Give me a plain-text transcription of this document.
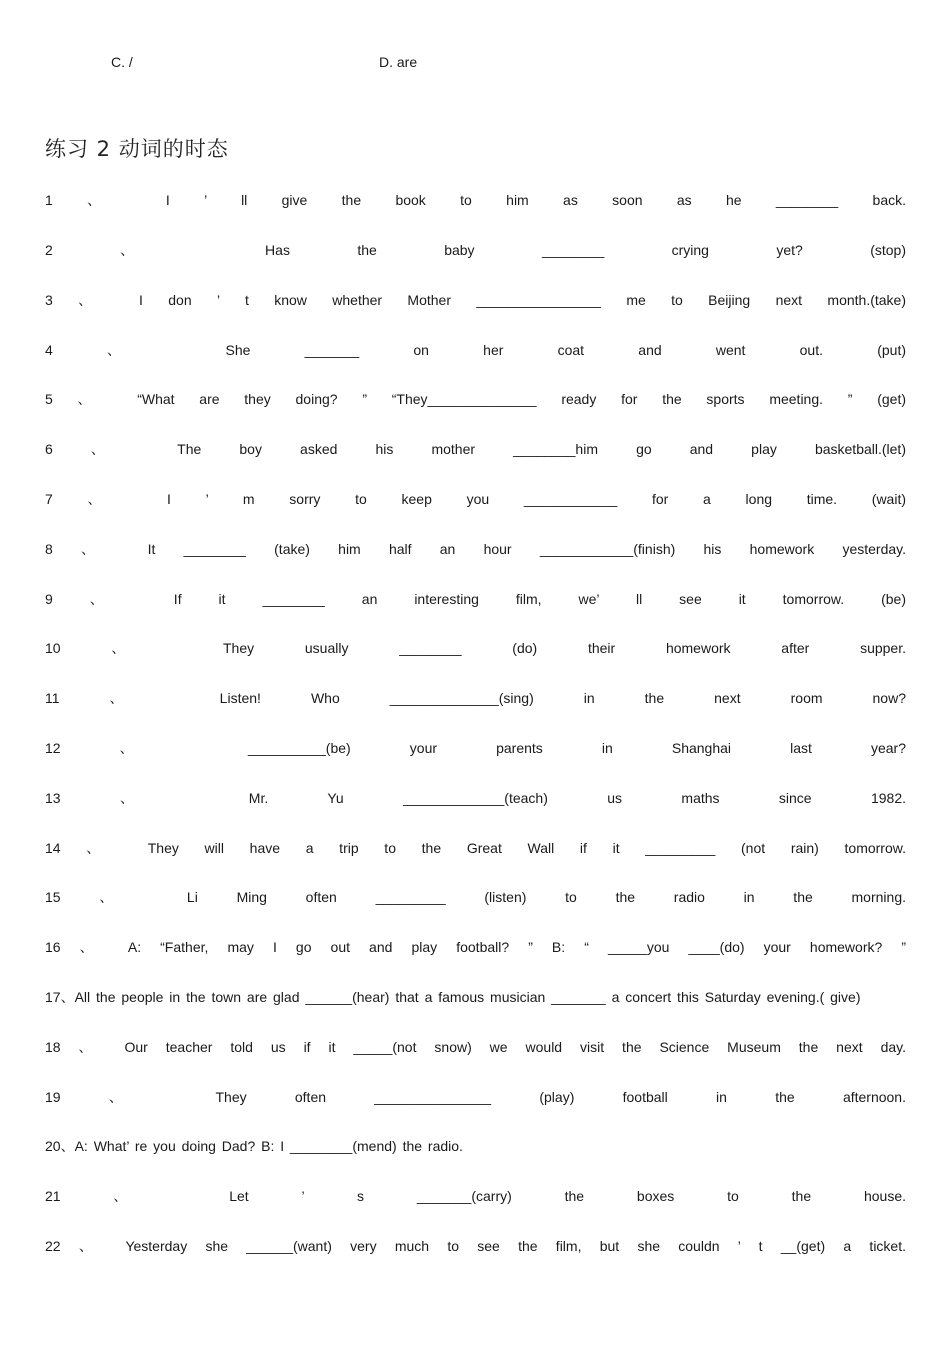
C. /	D. are
练习 2 动词的时态
1 、 I ’ ll give the book to him as soon as he ________ back.
2 、 Has the baby ________ crying yet? (stop)
3 、 I don ’ t know whether Mother ________________ me to Beijing next month.(take)
4 、 She _______ on her coat and went out. (put)
5 、 “What are they doing? ” “They______________ ready for the sports meeting. ” (get)
6 、 The boy asked his mother ________him go and play basketball.(let)
7 、 I ’ m sorry to keep you ____________ for a long time. (wait)
8 、 It ________ (take) him half an hour ____________(finish) his homework yesterday.
9 、 If it ________ an interesting film, we’ ll see it tomorrow. (be)
10 、 They usually ________ (do) their homework after supper.
11 、 Listen! Who ______________(sing) in the next room now?
12 、 __________(be) your parents in Shanghai last year?
13 、 Mr. Yu _____________(teach) us maths since 1982.
14 、 They will have a trip to the Great Wall if it _________ (not rain) tomorrow.
15 、 Li Ming often _________ (listen) to the radio in the morning.
16 、 A: “Father, may I go out and play football? ” B: “ _____you ____(do) your homework? ”
17、All the people in the town are glad ______(hear) that a famous musician _______ a concert this Saturday evening.( give)
18 、 Our teacher told us if it _____(not snow) we would visit the Science Museum the next day.
19 、 They often _______________ (play) football in the afternoon.
20、A: What’ re you doing Dad? B: I ________(mend) the radio.
21 、 Let ’ s _______(carry) the boxes to the house.
22 、 Yesterday she ______(want) very much to see the film, but she couldn ’ t __(get) a ticket.
